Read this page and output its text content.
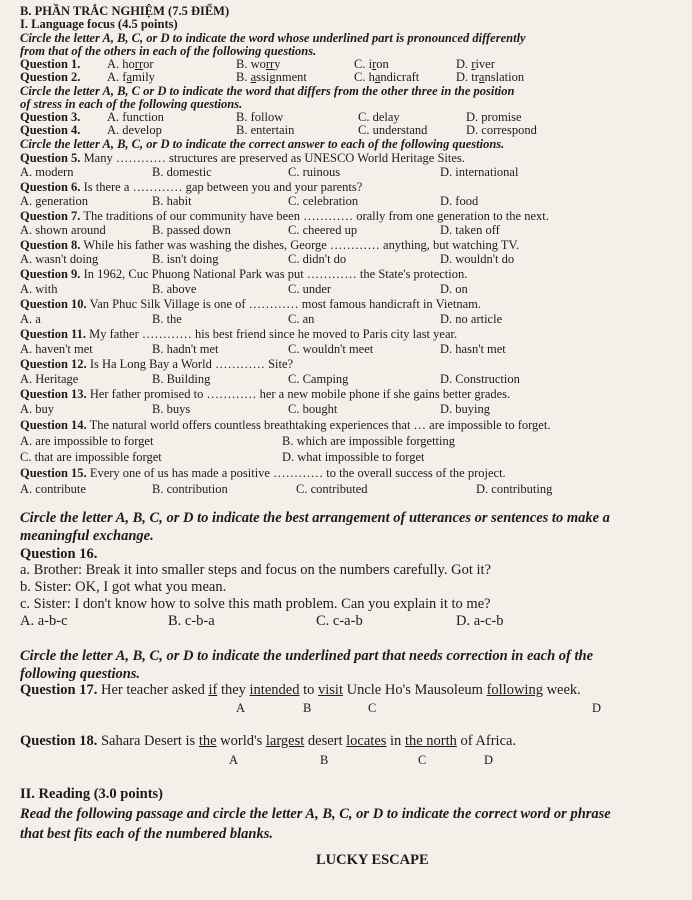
B. PHẦN TRẮC NGHIỆM (7.5 ĐIỂM)
I. Language focus (4.5 points)
Circle the letter A, B, C, or D to indicate the word whose underlined part is pronounced differently
from that of the others in each of the following questions.
Question 1. A. horror	B. worry	C. iron	D. river
Question 2. A. family	B. assignment	C. handicraft	D. translation
Circle the letter A, B, C or D to indicate the word that differs from the other three in the position
of stress in each of the following questions.
Question 3. A. function	B. follow	C. delay	D. promise
Question 4. A. develop	B. entertain	C. understand	D. correspond
Circle the letter A, B, C, or D to indicate the correct answer to each of the following questions.
Question 5. Many ………… structures are preserved as UNESCO World Heritage Sites.
A. modern	B. domestic	C. ruinous	D. international
Question 6. Is there a ………… gap between you and your parents?
A. generation	B. habit	C. celebration	D. food
Question 7. The traditions of our community have been ………… orally from one generation to the next.
A. shown around	B. passed down	C. cheered up	D. taken off
Question 8. While his father was washing the dishes, George ………… anything, but watching TV.
A. wasn't doing	B. isn't doing	C. didn't do	D. wouldn't do
Question 9. In 1962, Cuc Phuong National Park was put ………… the State's protection.
A. with	B. above	C. under	D. on
Question 10. Van Phuc Silk Village is one of ………… most famous handicraft in Vietnam.
A. a	B. the	C. an	D. no article
Question 11. My father ………… his best friend since he moved to Paris city last year.
A. haven't met	B. hadn't met	C. wouldn't meet	D. hasn't met
Question 12. Is Ha Long Bay a World ………… Site?
A. Heritage	B. Building	C. Camping	D. Construction
Question 13. Her father promised to ………… her a new mobile phone if she gains better grades.
A. buy	B. buys	C. bought	D. buying
Question 14. The natural world offers countless breathtaking experiences that … are impossible to forget.
A. are impossible to forget	B. which are impossible forgetting
C. that are impossible forget	D. what impossible to forget
Question 15. Every one of us has made a positive ………… to the overall success of the project.
A. contribute	B. contribution	C. contributed	D. contributing
Circle the letter A, B, C, or D to indicate the best arrangement of utterances or sentences to make a
meaningful exchange.
Question 16.
a. Brother: Break it into smaller steps and focus on the numbers carefully. Got it?
b. Sister: OK, I got what you mean.
c. Sister: I don't know how to solve this math problem. Can you explain it to me?
A. a-b-c	B. c-b-a	C. c-a-b	D. a-c-b
Circle the letter A, B, C, or D to indicate the underlined part that needs correction in each of the
following questions.
Question 17. Her teacher asked if they intended to visit Uncle Ho's Mausoleum following week.
A	B	C	D
Question 18. Sahara Desert is the world's largest desert locates in the north of Africa.
A	B	C	D
II. Reading (3.0 points)
Read the following passage and circle the letter A, B, C, or D to indicate the correct word or phrase
that best fits each of the numbered blanks.
LUCKY ESCAPE
